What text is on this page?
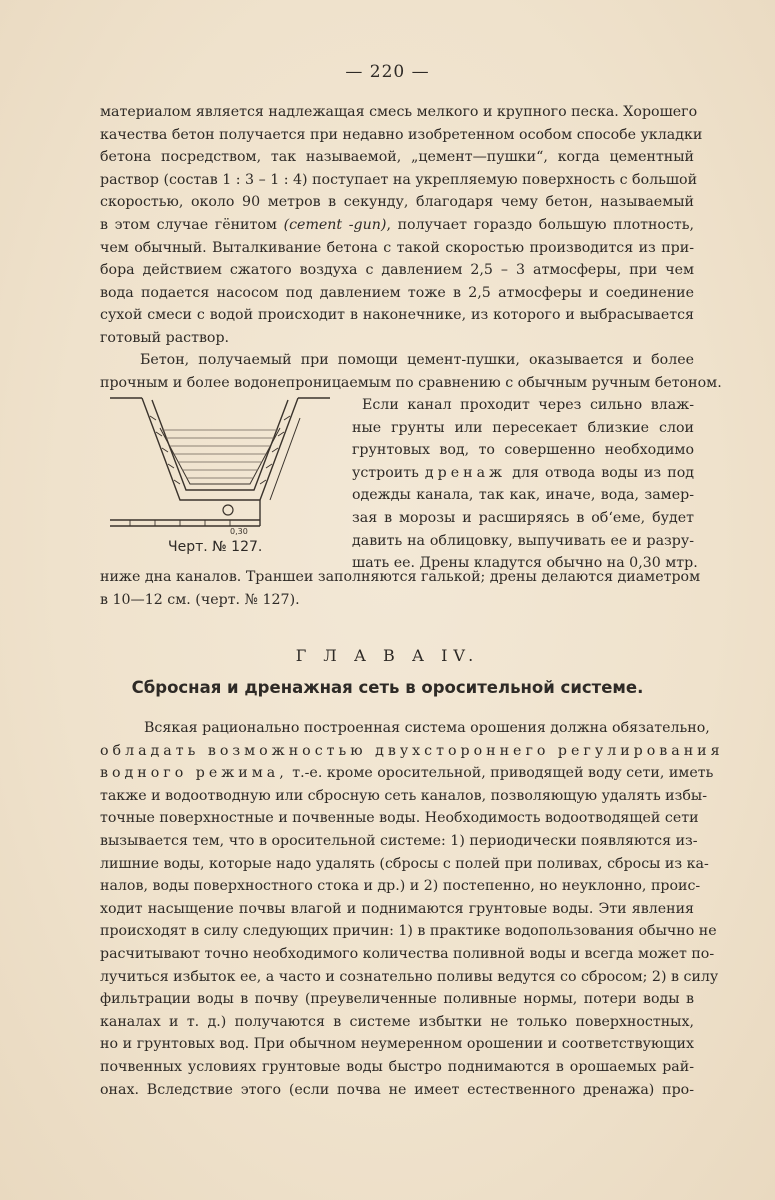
— 220 —
материалом является надлежащая смесь мелкого и крупного песка. Хорошего
качества бетон получается при недавно изобретенном особом способе укладки
бетона посредством, так называемой, „цемент—пушки“, когда цементный
раствор (состав 1 : 3 – 1 : 4) поступает на укрепляемую поверхность с большой
скоростью, около 90 метров в секунду, благодаря чему бетон, называемый
в этом случае гёнитом (cement -gun), получает гораздо большую плотность,
чем обычный. Выталкивание бетона с такой скоростью производится из при-
бора действием сжатого воздуха с давлением 2,5 – 3 атмосферы, при чем
вода подается насосом под давлением тоже в 2,5 атмосферы и соединение
сухой смеси с водой происходит в наконечнике, из которого и выбрасывается
готовый раствор.
Бетон, получаемый при помощи цемент-пушки, оказывается и более
прочным и более водонепроницаемым по сравнению с обычным ручным бетоном.
0,30
Черт. № 127.
Если канал проходит через сильно влаж-
ные грунты или пересекает близкие слои
грунтовых вод, то совершенно необходимо
устроить дренаж для отвода воды из под
одежды канала, так как, иначе, вода, замер-
зая в морозы и расширяясь в об‘еме, будет
давить на облицовку, выпучивать ее и разру-
шать ее. Дрены кладутся обычно на 0,30 мтр.
ниже дна каналов. Траншеи заполняются галькой; дрены делаются диаметром
в 10—12 см. (черт. № 127).
Г Л А В А IV.
Сбросная и дренажная сеть в оросительной системе.
Всякая рационально построенная система орошения должна обязательно,
обладать возможностью двухстороннего регулирования
водного режима, т.-е. кроме оросительной, приводящей воду сети, иметь
также и водоотводную или сбросную сеть каналов, позволяющую удалять избы-
точные поверхностные и почвенные воды. Необходимость водоотводящей сети
вызывается тем, что в оросительной системе: 1) периодически появляются из-
лишние воды, которые надо удалять (сбросы с полей при поливах, сбросы из ка-
налов, воды поверхностного стока и др.) и 2) постепенно, но неуклонно, проис-
ходит насыщение почвы влагой и поднимаются грунтовые воды. Эти явления
происходят в силу следующих причин: 1) в практике водопользования обычно не
расчитывают точно необходимого количества поливной воды и всегда может по-
лучиться избыток ее, а часто и сознательно поливы ведутся со сбросом; 2) в силу
фильтрации воды в почву (преувеличенные поливные нормы, потери воды в
каналах и т. д.) получаются в системе избытки не только поверхностных,
но и грунтовых вод. При обычном неумеренном орошении и соответствующих
почвенных условиях грунтовые воды быстро поднимаются в орошаемых рай-
онах. Вследствие этого (если почва не имеет естественного дренажа) про-
